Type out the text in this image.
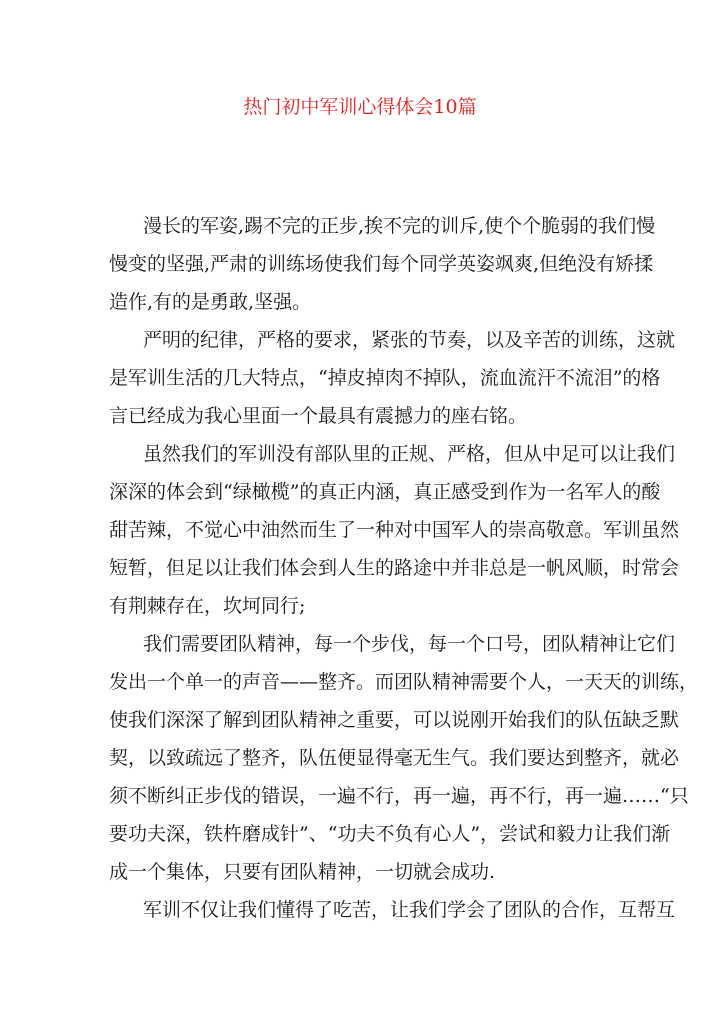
热门初中军训心得体会10篇
漫长的军姿,踢不完的正步,挨不完的训斥,使个个脆弱的我们慢
慢变的坚强,严肃的训练场使我们每个同学英姿飒爽,但绝没有矫揉
造作,有的是勇敢,坚强。
严明的纪律，严格的要求，紧张的节奏，以及辛苦的训练，这就
是军训生活的几大特点，“掉皮掉肉不掉队，流血流汗不流泪”的格
言已经成为我心里面一个最具有震撼力的座右铭。
虽然我们的军训没有部队里的正规、严格，但从中足可以让我们
深深的体会到“绿橄榄”的真正内涵，真正感受到作为一名军人的酸
甜苦辣，不觉心中油然而生了一种对中国军人的崇高敬意。军训虽然
短暂，但足以让我们体会到人生的路途中并非总是一帆风顺，时常会
有荆棘存在，坎坷同行;
我们需要团队精神，每一个步伐，每一个口号，团队精神让它们
发出一个单一的声音——整齐。而团队精神需要个人，一天天的训练，
使我们深深了解到团队精神之重要，可以说刚开始我们的队伍缺乏默
契，以致疏远了整齐，队伍便显得毫无生气。我们要达到整齐，就必
须不断纠正步伐的错误，一遍不行，再一遍，再不行，再一遍……“只
要功夫深，铁杵磨成针”、“功夫不负有心人”，尝试和毅力让我们渐
成一个集体，只要有团队精神，一切就会成功.
军训不仅让我们懂得了吃苦，让我们学会了团队的合作，互帮互
